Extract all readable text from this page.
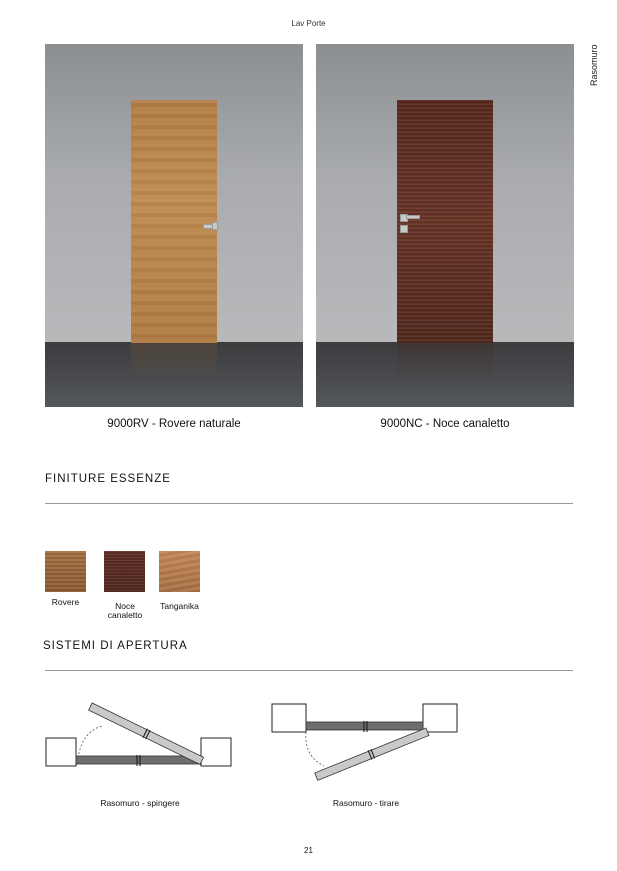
Lav Porte
Rasomuro
9000RV - Rovere naturale	9000NC - Noce canaletto
FINITURE ESSENZE
Rovere	Noce canaletto
Tanganika
SISTEMI DI APERTURA
Rasomuro - spingere	Rasomuro - tirare
21
